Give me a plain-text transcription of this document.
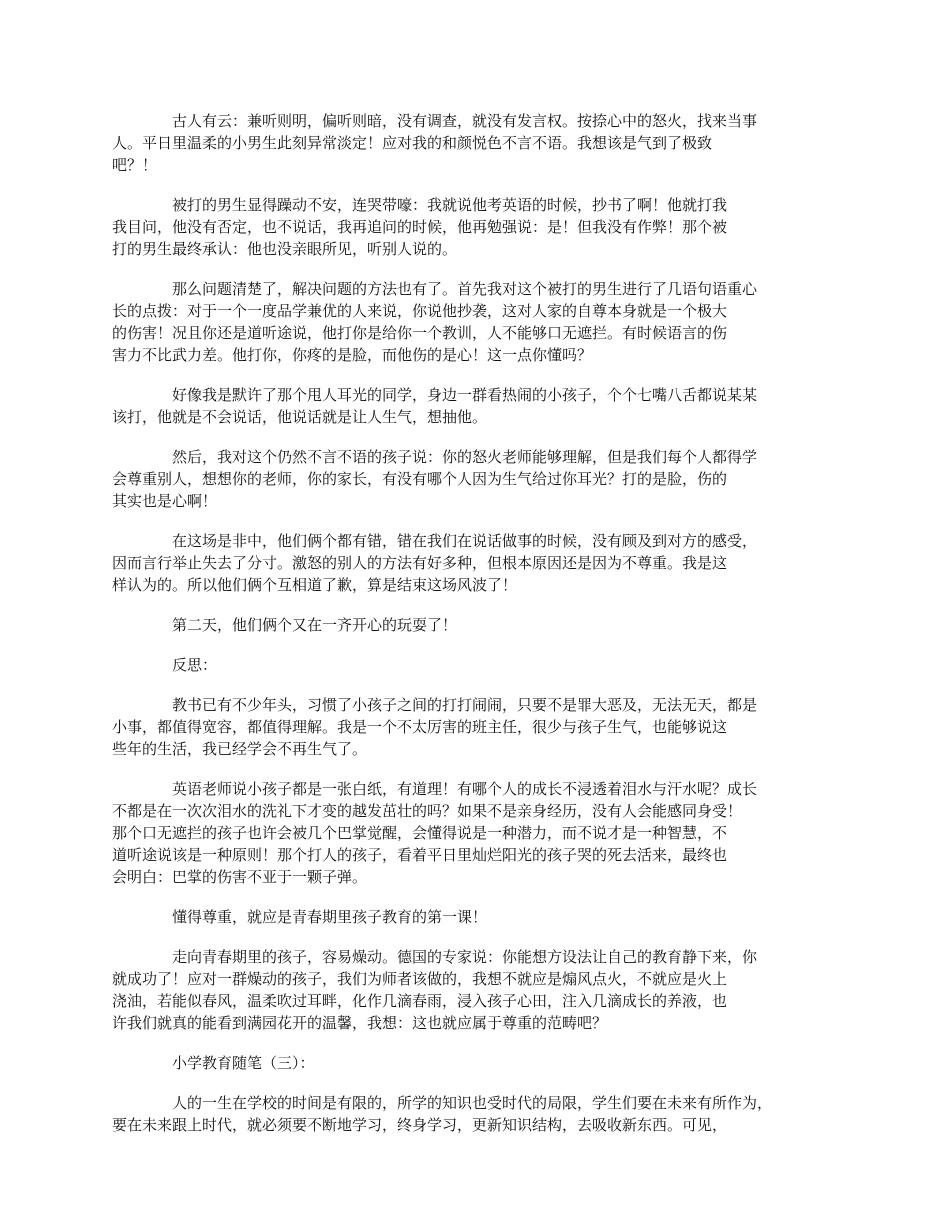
古人有云：兼听则明，偏听则暗，没有调查，就没有发言权。按捺心中的怒火，找来当事
人。平日里温柔的小男生此刻异常淡定！应对我的和颜悦色不言不语。我想该是气到了极致
吧？！

被打的男生显得躁动不安，连哭带嚎：我就说他考英语的时候，抄书了啊！他就打我
我目问，他没有否定，也不说话，我再追问的时候，他再勉强说：是！但我没有作弊！那个被
打的男生最终承认：他也没亲眼所见，听别人说的。

那么问题清楚了，解决问题的方法也有了。首先我对这个被打的男生进行了几语句语重心
长的点拨：对于一个一度品学兼优的人来说，你说他抄袭，这对人家的自尊本身就是一个极大
的伤害！况且你还是道听途说，他打你是给你一个教训，人不能够口无遮拦。有时候语言的伤
害力不比武力差。他打你，你疼的是脸，而他伤的是心！这一点你懂吗？

好像我是默许了那个甩人耳光的同学，身边一群看热闹的小孩子，个个七嘴八舌都说某某
该打，他就是不会说话，他说话就是让人生气，想抽他。

然后，我对这个仍然不言不语的孩子说：你的怒火老师能够理解，但是我们每个人都得学
会尊重别人，想想你的老师，你的家长，有没有哪个人因为生气给过你耳光？打的是脸，伤的
其实也是心啊！

在这场是非中，他们俩个都有错，错在我们在说话做事的时候，没有顾及到对方的感受，
因而言行举止失去了分寸。激怒的别人的方法有好多种，但根本原因还是因为不尊重。我是这
样认为的。所以他们俩个互相道了歉，算是结束这场风波了！

第二天，他们俩个又在一齐开心的玩耍了！

反思：

教书已有不少年头，习惯了小孩子之间的打打闹闹，只要不是罪大恶及，无法无天，都是
小事，都值得宽容，都值得理解。我是一个不太厉害的班主任，很少与孩子生气，也能够说这
些年的生活，我已经学会不再生气了。

英语老师说小孩子都是一张白纸，有道理！有哪个人的成长不浸透着泪水与汗水呢？成长
不都是在一次次泪水的洗礼下才变的越发茁壮的吗？如果不是亲身经历，没有人会能感同身受！
那个口无遮拦的孩子也许会被几个巴掌觉醒，会懂得说是一种潜力，而不说才是一种智慧，不
道听途说该是一种原则！那个打人的孩子，看着平日里灿烂阳光的孩子哭的死去活来，最终也
会明白：巴掌的伤害不亚于一颗子弹。

懂得尊重，就应是青春期里孩子教育的第一课！

走向青春期里的孩子，容易燥动。德国的专家说：你能想方设法让自己的教育静下来，你
就成功了！应对一群燥动的孩子，我们为师者该做的，我想不就应是煽风点火，不就应是火上
浇油，若能似春风，温柔吹过耳畔，化作几滴春雨，浸入孩子心田，注入几滴成长的养液，也
许我们就真的能看到满园花开的温馨，我想：这也就应属于尊重的范畴吧？

小学教育随笔（三）：

人的一生在学校的时间是有限的，所学的知识也受时代的局限，学生们要在未来有所作为，
要在未来跟上时代，就必须要不断地学习，终身学习，更新知识结构，去吸收新东西。可见，
